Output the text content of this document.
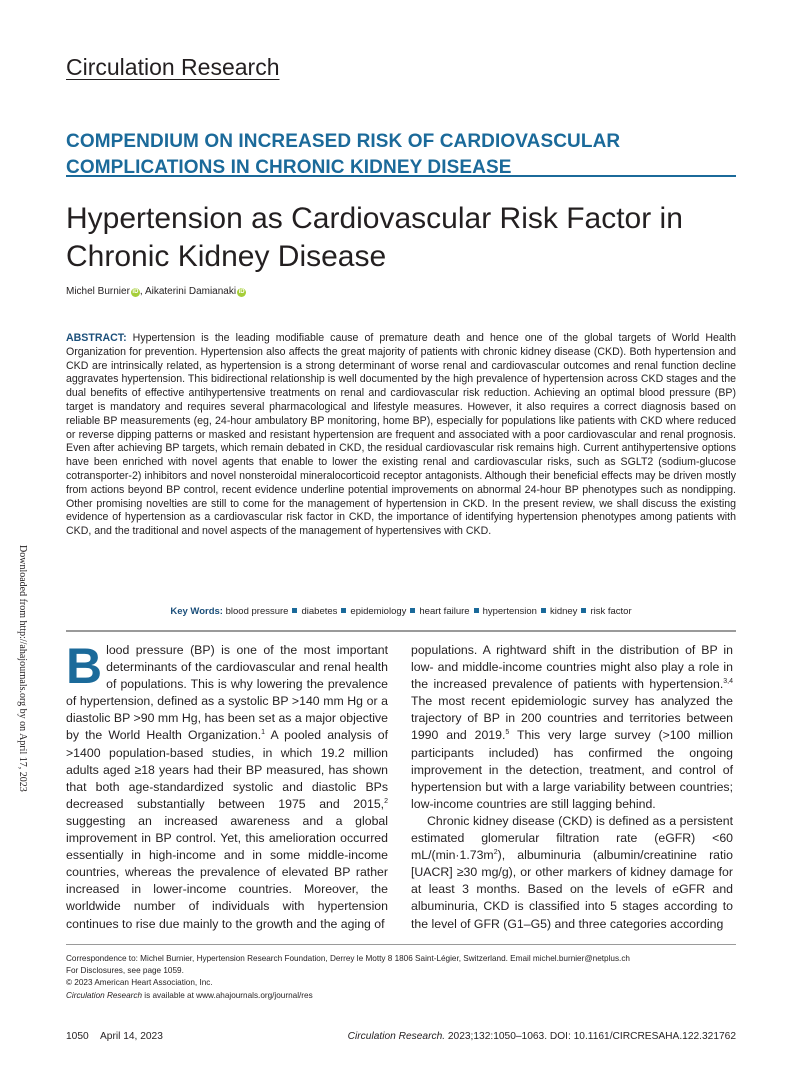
Circulation Research
COMPENDIUM ON INCREASED RISK OF CARDIOVASCULAR COMPLICATIONS IN CHRONIC KIDNEY DISEASE
Hypertension as Cardiovascular Risk Factor in Chronic Kidney Disease
Michel Burnier iD , Aikaterini Damianaki iD
ABSTRACT: Hypertension is the leading modifiable cause of premature death and hence one of the global targets of World Health Organization for prevention. Hypertension also affects the great majority of patients with chronic kidney disease (CKD). Both hypertension and CKD are intrinsically related, as hypertension is a strong determinant of worse renal and cardiovascular outcomes and renal function decline aggravates hypertension. This bidirectional relationship is well documented by the high prevalence of hypertension across CKD stages and the dual benefits of effective antihypertensive treatments on renal and cardiovascular risk reduction. Achieving an optimal blood pressure (BP) target is mandatory and requires several pharmacological and lifestyle measures. However, it also requires a correct diagnosis based on reliable BP measurements (eg, 24-hour ambulatory BP monitoring, home BP), especially for populations like patients with CKD where reduced or reverse dipping patterns or masked and resistant hypertension are frequent and associated with a poor cardiovascular and renal prognosis. Even after achieving BP targets, which remain debated in CKD, the residual cardiovascular risk remains high. Current antihypertensive options have been enriched with novel agents that enable to lower the existing renal and cardiovascular risks, such as SGLT2 (sodium-glucose cotransporter-2) inhibitors and novel nonsteroidal mineralocorticoid receptor antagonists. Although their beneficial effects may be driven mostly from actions beyond BP control, recent evidence underline potential improvements on abnormal 24-hour BP phenotypes such as nondipping. Other promising novelties are still to come for the management of hypertension in CKD. In the present review, we shall discuss the existing evidence of hypertension as a cardiovascular risk factor in CKD, the importance of identifying hypertension phenotypes among patients with CKD, and the traditional and novel aspects of the management of hypertensives with CKD.
Key Words: blood pressure diabetes epidemiology heart failure hypertension kidney risk factor
Downloaded from http://ahajournals.org by on April 17, 2023 Blood pressure (BP) is one of the most important determinants of the cardiovascular and renal health of populations. This is why lowering the prevalence of hypertension, defined as a systolic BP >140 mm Hg or a diastolic BP >90 mm Hg, has been set as a major objective by the World Health Organization.$^1$ A pooled analysis of >1400 population-based studies, in which 19.2 million adults aged ≥18 years had their BP measured, has shown that both age-standardized systolic and diastolic BPs decreased substantially between 1975 and 2015,$^2$ suggesting an increased awareness and a global improvement in BP control. Yet, this amelioration occurred essentially in high-income and in some middle-income countries, whereas the prevalence of elevated BP rather increased in lower-income countries. Moreover, the worldwide number of individuals with hypertension continues to rise due mainly to the growth and the aging of

populations. A rightward shift in the distribution of BP in low- and middle-income countries might also play a role in the increased prevalence of patients with hypertension.$^{3,4}$ The most recent epidemiologic survey has analyzed the trajectory of BP in 200 countries and territories between 1990 and 2019.$^5$ This very large survey (>100 million participants included) has confirmed the ongoing improvement in the detection, treatment, and control of hypertension but with a large variability between countries; low-income countries are still lagging behind.

Chronic kidney disease (CKD) is defined as a persistent estimated glomerular filtration rate (eGFR) <60 $mL/(\min\cdot 1.73m^2)$, albuminuria (albumin/creatinine ratio [UACR] ≥30 mg/g), or other markers of kidney damage for at least 3 months. Based on the levels of eGFR and albuminuria, CKD is classified into 5 stages according to the level of GFR (G1–G5) and three categories according

Correspondence to: Michel Burnier, Hypertension Research Foundation, Derrey le Motty 8 1806 Saint-Légier, Switzerland. Email michel.burnier@netplus.ch
For Disclosures, see page 1059.
© 2023 American Heart Association, Inc.
Circulation Research is available at www.ahajournals.org/journal/res
1050 April 14, 2023	Circulation Research. 2023;132:1050–1063. DOI: 10.1161/CIRCRESAHA.122.321762
